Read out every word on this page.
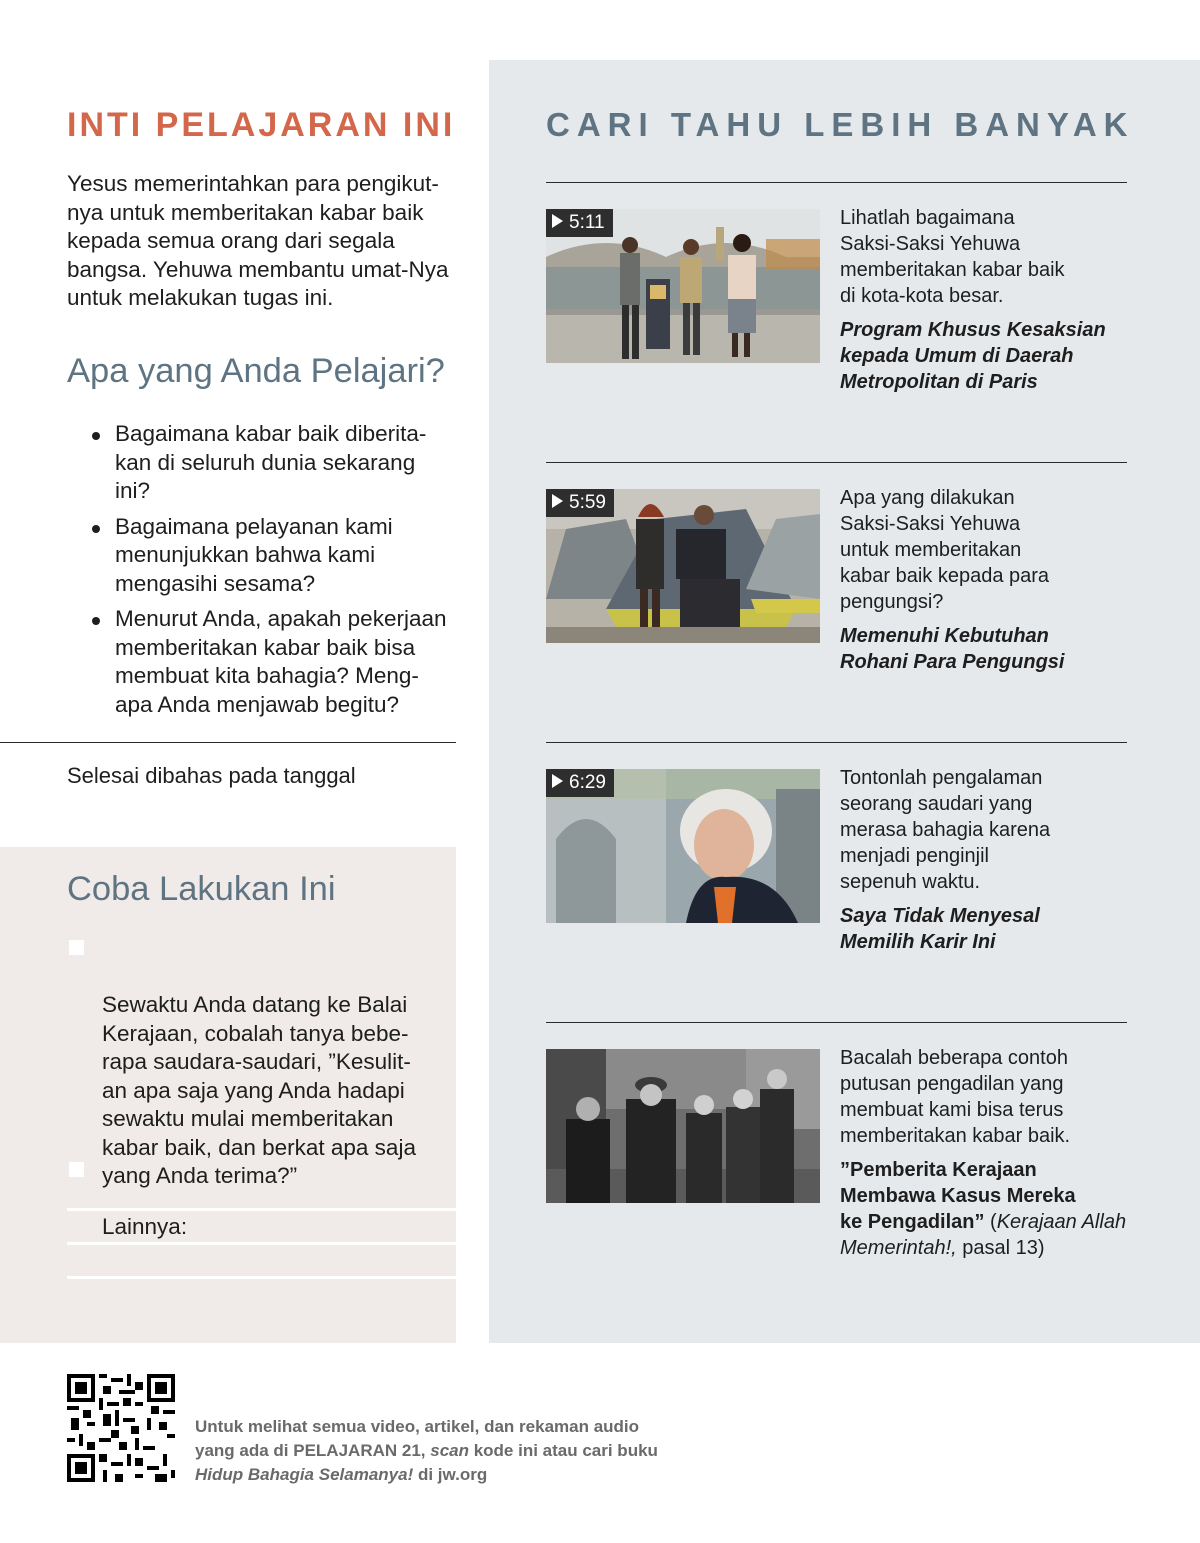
INTI PELAJARAN INI

Yesus memerintahkan para pengikut-
nya untuk memberitakan kabar baik
kepada semua orang dari segala
bangsa. Yehuwa membantu umat-Nya
untuk melakukan tugas ini.

Apa yang Anda Pelajari?
Bagaimana kabar baik diberita-
kan di seluruh dunia sekarang
ini?
Bagaimana pelayanan kami
menunjukkan bahwa kami
mengasihi sesama?
Menurut Anda, apakah pekerjaan
memberitakan kabar baik bisa
membuat kita bahagia? Meng-
apa Anda menjawab begitu?

Selesai dibahas pada tanggal

Coba Lakukan Ini

Sewaktu Anda datang ke Balai
Kerajaan, cobalah tanya bebe-
rapa saudara-saudari, ”Kesulit-
an apa saja yang Anda hadapi
sewaktu mulai memberitakan
kabar baik, dan berkat apa saja
yang Anda terima?”

Lainnya:

CARI TAHU LEBIH BANYAK
5:11	Lihatlah bagaimana
Saksi-Saksi Yehuwa
memberitakan kabar baik
di kota-kota besar.

Program Khusus Kesaksian
kepada Umum di Daerah
Metropolitan di Paris

5:59	Apa yang dilakukan
Saksi-Saksi Yehuwa
untuk memberitakan
kabar baik kepada para
pengungsi?

Memenuhi Kebutuhan
Rohani Para Pengungsi

6:29	Tontonlah pengalaman
seorang saudari yang
merasa bahagia karena
menjadi penginjil
sepenuh waktu.

Saya Tidak Menyesal
Memilih Karir Ini

Bacalah beberapa contoh
putusan pengadilan yang
membuat kami bisa terus
memberitakan kabar baik.

”Pemberita Kerajaan
Membawa Kasus Mereka
ke Pengadilan” (Kerajaan Allah
Memerintah!, pasal 13)

Untuk melihat semua video, artikel, dan rekaman audio
yang ada di PELAJARAN 21, scan kode ini atau cari buku
Hidup Bahagia Selamanya! di jw.org
